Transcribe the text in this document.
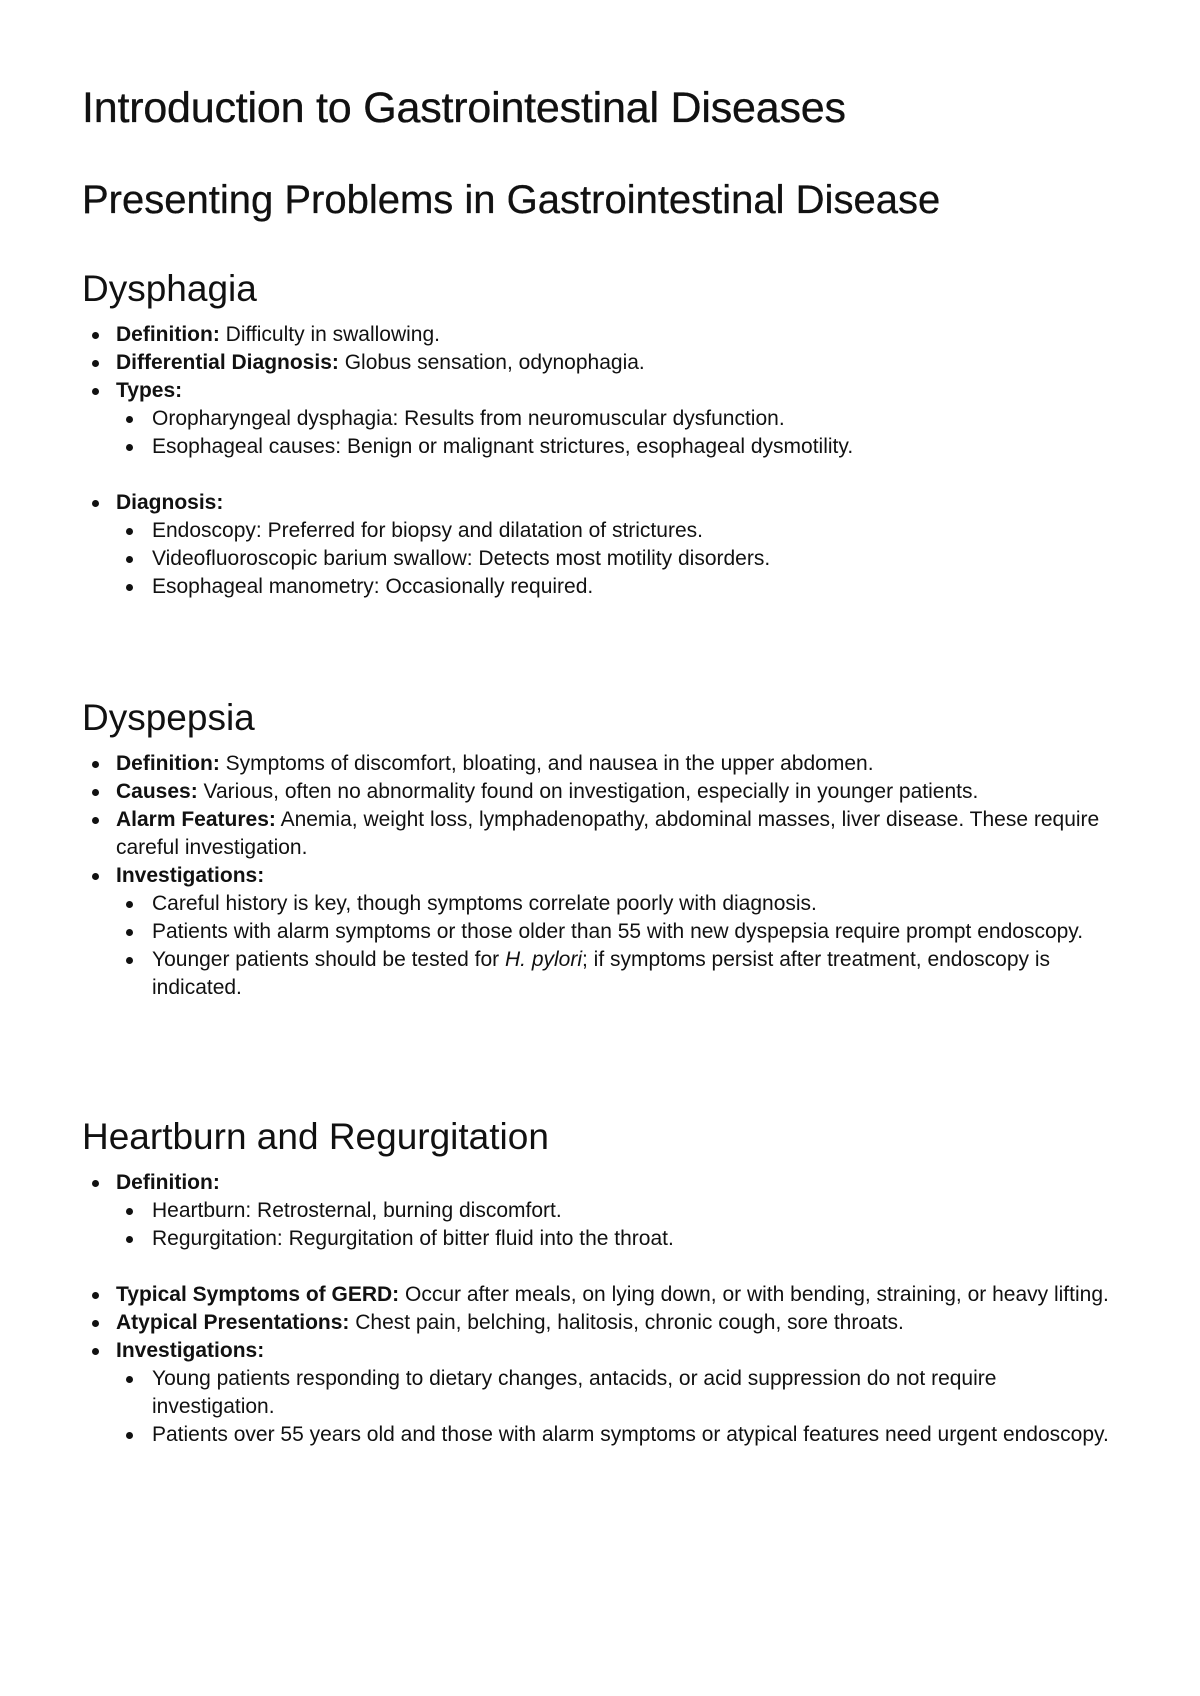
Introduction to Gastrointestinal Diseases
Presenting Problems in Gastrointestinal Disease
Dysphagia
Definition: Difficulty in swallowing.
Differential Diagnosis: Globus sensation, odynophagia.
Types:
Oropharyngeal dysphagia: Results from neuromuscular dysfunction.
Esophageal causes: Benign or malignant strictures, esophageal dysmotility.
Diagnosis:
Endoscopy: Preferred for biopsy and dilatation of strictures.
Videofluoroscopic barium swallow: Detects most motility disorders.
Esophageal manometry: Occasionally required.
Dyspepsia
Definition: Symptoms of discomfort, bloating, and nausea in the upper abdomen.
Causes: Various, often no abnormality found on investigation, especially in younger patients.
Alarm Features: Anemia, weight loss, lymphadenopathy, abdominal masses, liver disease. These require careful investigation.
Investigations:
Careful history is key, though symptoms correlate poorly with diagnosis.
Patients with alarm symptoms or those older than 55 with new dyspepsia require prompt endoscopy.
Younger patients should be tested for H. pylori; if symptoms persist after treatment, endoscopy is indicated.
Heartburn and Regurgitation
Definition:
Heartburn: Retrosternal, burning discomfort.
Regurgitation: Regurgitation of bitter fluid into the throat.
Typical Symptoms of GERD: Occur after meals, on lying down, or with bending, straining, or heavy lifting.
Atypical Presentations: Chest pain, belching, halitosis, chronic cough, sore throats.
Investigations:
Young patients responding to dietary changes, antacids, or acid suppression do not require investigation.
Patients over 55 years old and those with alarm symptoms or atypical features need urgent endoscopy.
